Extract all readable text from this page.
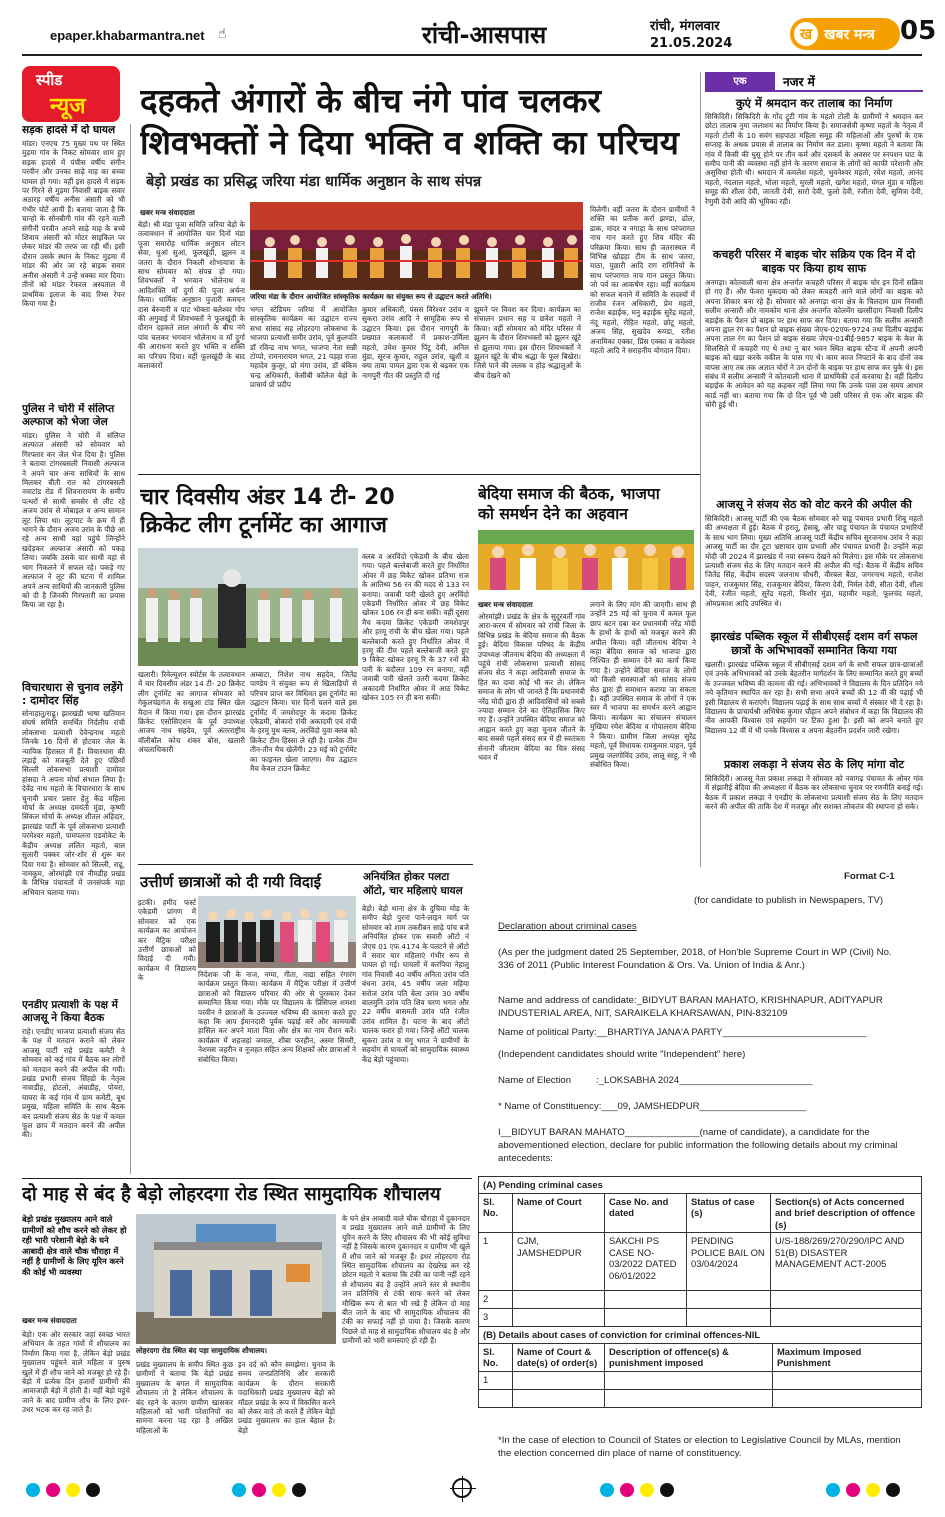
epaper.khabarmantra.net ☝	रांची-आसपास	रांची, मंगलवार
21.05.2024
ख खबर मन्त्र 05
स्पीड
न्यूज
सड़क हादसे में दो घायल
मांडर। एनएच 75 मुख्य पथ पर स्थित मुड़मा गांव के निकट सोमवार शाम हुए सड़क हादसे में पंचीस वर्षीय संगीन परवीन और उनका साढ़े माह का बच्चा घायल हो गया। वहीं इस हादसे में सड़क पर गिरने से मुड़मा निवासी बाइक सवार अठारह वर्षीय अनीस अंसारी को भी गंभीर चोटें आयी हैं। बताया जाता है कि चान्हो के सोनबीगी गांव की रहने वाली संगीनी परवीन अपने साढ़े माह के बच्चे शिवाय अंसारी को मोटर साइकिल पर लेकर मांडर की तरफ जा रही थीं। इसी दौरान उसके स्थान के निकट मुड़मा में मांडर की ओर जा रहे बाइक सवार अनीस अंसारी ने उन्हें धक्का मार दिया। तीनों को मांडर रेफरल अस्पताल में प्राथमिक इलाज के बाद रिम्स रेफर किया गया है।
पुलिस ने चोरी में संलिप्त अल्फाज को भेजा जेल
मांडर। पुलिस ने चोरी में संलिप्त अल्फाज अंसारी को सोमवार को गिरफ्तार कर जेल भेज दिया है। पुलिस ने बताया टांगरबसली निवासी अल्फाज ने अपने चार अन्य साथियों के साथ मिलकर बीती रात को टांगरबसली नवाटांड रोड में शिवनारायण के समीप पत्थरों से साथी समसेर से लीट रहे अजय उरांव से मोबाइल व अन्य सामान लूट लिया था। लूटपाट के क्रम में ही भागने के दौरान अजय उरांव के पीछे आ रहे अन्य साथी वहां पहुंचे जिन्होंने खदेड़कर अल्फाज अंसारी को पकड़ लिया। जबकि उसके चार साथी वहां से भाग निकलने में सफल रहे। पकड़े गए अल्फाज ने लूट की घटना में शामिल अपने अन्य साथियों की जानकारी पुलिस को दी है जिनकी गिरफ्तारी का प्रयास किया जा रहा है।
विचारधारा से चुनाव लड़ेंगे : दामोदर सिंह
सोनाहातु/राढू। झारखंडी भाषा खतियान संघर्ष समिति समर्थित निर्दलीय रांची लोकसभा प्रत्याशी देवेन्द्रनाथ महतो जिनके 16 दिनों से होटवार जेल के न्यायिक हिरासत में हैं। विचारधारा की लड़ाई को मजबूती देते हुए पंछियों सिल्ली लोकसभा प्रत्याशी दामोदर हांसदा ने अपना मोर्चा संभाल लिया है। देवेंद्र नाथ महतो के विचारधारा के साथ चुनावी प्रचार प्रसार हेतु केंद्र महिला मोर्चा के अध्यक्ष दमयंती मुंडा, कृष्णी सिंकल मोर्चा के अध्यक्ष शीतल अहिदार, झारखंड पार्टी के पूर्व लोकसभा प्रत्याशी परमेश्वर महतो, पामपलना एडवोकेट के केंद्रीय अध्यक्ष ललित महतो, बाल सुलारी पक्कर जोर-शोर से शुरू कर दिया गया है। सोमवार को सिल्ली, राढू, नामकुम, ओरमांझी एवं नीमडीह प्रखंड के विभिन्न पंचायतों में जनसंपर्क महा अभियान चलाया गया।
एनडीए प्रत्याशी के पक्ष में आजसू ने किया बैठक
राहे। एनडीए भाजपा प्रत्याशी संजय सेठ के पक्ष में मतदान कराने को लेकर आजसू पार्टी राहे प्रखंड कमेटी ने सोमवार को कई गांव में बैठक कर लोगों को मतदान करने की अपील की गयी। प्रखंड प्रभारी संजय सिंह्डो के नेतृत्व नावाडीह, होटलो, अंबाडीह, पोयरा, घाघरा के कई गांव में ग्राम कमेटी, बूथ प्रमुख, महिला समिति के साथ बैठक कर प्रत्याशी संजय सेठ के पक्ष में कमल फूल छाप में मतदान करने की अपील की।
दहकते अंगारों के बीच नंगे पांव चलकर
शिवभक्तों ने दिया भक्ति व शक्ति का परिचय
बेड़ो प्रखंड का प्रसिद्ध जरिया मंडा धार्मिक अनुष्ठान के साथ संपन्न
खबर मन्त्र संवाददाता
जरिया मंडा के दौरान आयोजित सांस्कृतिक कार्यक्रम का संयुक्त रूप से उद्घाटन करते अतिथि।
बेड़ो। श्री मंडा पूजा समिति जरिया बेड़ो के तत्वावधान में आयोजित चार दिनों मंडा पूजा समारोह धार्मिक अनुष्ठान लोटन सेवा, धुआं सुआं, फूलखूंदी, झूलन व जतरा के दौरान निकली शोभायात्रा के साथ सोमवार को संपन्न हो गया। शिवभक्तों ने भगवान भोलेनाथ व आदिशक्ति माँ दुर्गा की पूजा अर्चना किया। धार्मिक अनुष्ठान पुजारी कमचन दास बेरुवारी व पाट भोक्ता बलेश्वर गोप की अगुवाई में शिवभक्तों ने फूलखूंदी के दौरान दहकते लाल अंगारों के बीच नंगे पांव चलकर भगवान भोलेनाथ व माँ दुर्गा की आराधना करते हुए भक्ति व शक्ति का परिचय दिया। वहीं फूलखूंदी के बाद कलाकारों
भगत स्टेडियम जरिया में आयोजित सांस्कृतिक कार्यक्रम का उद्घाटन राज्य सभा सांसद सह लोहरदगा लोकसभा के भाजपा प्रत्याशी समीर उरांव, पूर्व कुलपति डॉ रविन्द्र नाथ भगत, भाजपा नेता सन्नी टोप्पो, रामनारायण भगत, 21 पड़हा राजा महादेव कुजूर, प्रो मंगा उरांव, डॉ बंकिम चन्द्र अधिकारी, केसीबी कॉलेज बेड़ो के प्राचार्य प्रो प्रदीप
कुमार अधिकारी, पंसस विरेश्वर उरांव व सुकरा उरांव आदि ने सामूहिक रूप से उद्घाटन किया। इस दौरान नागपुरी के प्रख्यात कलाकारों में प्रकाश-उर्मिला महतो, उमेश कुमार पिंटू देवी, अनिल मुंडा, सूरज कुमार, राहुल उरांव, खुशी व क्या ताया पायल द्वारा एक से बढ़कर एक नागपुरी गीत की प्रस्तुति दी गई
झूमने पर विवश कर दिया। कार्यक्रम का संचालन प्रधान सह व छत्रेश महतो ने किया। वहीं सोमवार को मंदिर परिसर में झूलन के दौरान शिवभक्तों को झूलन खूंटे से झुलाया गया। इस दौरान शिवभक्तों ने झूलन खूंटे के बीच श्रद्धा के फूल बिखेरा। जिसे पाने की ललक व होड़ श्रद्धालुओं के बीच देखने को
मिलेगी। वहीं जतरा के दौरान ग्रामीणों ने शक्ति का प्रतीक कर्रा झण्डा, ढोल, ढाक, मांदर व नगाड़ा के साथ परंपरागत नाच गान करते हुए शिव मंदिर की परिक्रमा किया। साथ ही जतरास्थल में विभिन्न खोड़हा टीम के साथ जतरा, माठा, पुछारी आदि राग रागिनियों के साथ परंपरागत नाच गान प्रस्तुत किया। जो पर्व का आकर्षण रहा। वहीं कार्यक्रम को सफल बनाने में समिति के सदस्यों में राजीव रंजन अधिकारी, प्रेम महतो, राजेश बड़ाईक, मनु बड़ाईक सुरेंद्र महतो, नंदू महतो, रोहित महतो, छोटू महतो, अजय सिंह, सुखदेव रूण्डा, रतीश अनामिका एक्का, प्रिंस एक्का व कमेश्वर महतो आदि ने सराहनीय योगदान दिया।
चार दिवसीय अंडर 14 टी- 20
क्रिकेट लीग टूर्नामेंट का आगाज
क्लब व अरविंदो एकेडमी के बीच खेला गया। पहले बल्लेबाजी करते हुए निर्धारित ओवर में छह विकेट खोकर प्रतिभा राज के आतिथ्य 56 रन की मदद से 133 रन बनाया। जवाबी पारी खेलते हुए अरविंदो एकेडमी निर्धारित ओवर में छह विकेट खोकर 106 रन ही बना सकी। वहीं दूसरा मैच कदमा क्रिकेट एकेडमी जमशेदपुर और हरमू रांची के बीच खेला गया। पहले बल्लेबाजी करते हुए निर्धारित ओवर में हरमू की टीम पहले बल्लेबाजी करते हुए 9 विकेट खोकर हरमू रि के 37 रनों की पारी के बदौलत 109 रन बनाया, वहीं जवाबी पारी खेलते उतरी कदमा क्रिकेट अकादमी निर्धारित ओवर में आठ विकेट खोकर 105 रन ही बना सकी।
खलारी। रिवेल्यूशन स्पोर्टस के तत्वावधान में चार दिवसीय अंडर 14 टी- 20 क्रिकेट लीग टूर्नामेंट का आगाज सोमवार को गेकुलचंद्रगंज के सखुआ टांड स्थित खेल मैदान में किया गया। इस दौरान झारखंड क्रिकेट एसोसिएशन के पूर्व उपाध्यक्ष आजय नाथ सहदेव, पूर्व अंतरराष्ट्रीय वॉलीबॉल कोच शंकर बोस, खलारी अंचलाधिकारी
अम्बाटा, निशेश नाथ सहदेव, जितेंद्र पाण्डेय ने संयुक्त रूप से खिलाड़ियों से परिचय प्राप्त कर विधिवत इस टूर्नामेंट का उद्घाटन किया। चार दिनों चलने वाले इस टूर्नामेंट में जमशेदपुर के कदमा क्रिकेट एकेडमी, बोकारो रांची अकादमी एवं रांची के हरमू युथ क्लब, अरविंदो युवा क्लब को क्रिकेट टीम हिस्सा ले रही है। प्रत्येक टीम तीन-तीन मैच खेलेंगी। 23 मई को टूर्नामेंट का फाइनल खेला जाएगा। मैच उद्घाटन मैच केवल टाउन क्रिकेट
बेदिया समाज की बैठक, भाजपा
को समर्थन देने का अहवान
खबर मन्त्र संवाददाता
ओरमांझी। प्रखंड के क्षेत्र के सुदूरवर्ती गांव आरा-करम में सोमवार को रांची जिला के विभिन्न प्रखंड के बेदिया समाज की बैठक हुई। बेदिया विकास परिषद के केंद्रीय उपाध्यक्ष जीतनाथ बेदिया की अध्यक्षता में पहुंचे रांची लोकसभा प्रत्याशी सांसद संजय सेठ ने कहा आदिवासी समाज के हित का दावा कोई भी कर ले। लेकिन समाज के लोग भी जानते हैं कि प्रधानमंत्री नरेंद्र मोदी द्वारा ही आदिवासियों को सबसे ज्यादा सम्मान देने का ऐतिहासिक किए गए हैं। उन्होंने उपस्थित बेदिया समाज को आह्वान करते हुए कहा चुनाव जीतने के बाद सबसे पहले संसद सत्र में ही स्वतंत्रता सेनानी जीतराम बेदिया का चित्र संसद भवन में
लगाने के लिए मांग की जाएगी। साथ ही उन्होंने 25 मई को चुनाव में कमल फूल छाप बटन दबा कर प्रधानमंत्री नरेंद्र मोदी के हाथों के हाथों को मजबूत करने की अपील किया। वहीं जीतनाथ बेदिया ने कहा बेदिया समाज को भाजपा द्वारा निश्चित ही सम्मान देने का कार्य किया गया है। उन्होंने बेदिया समाज के लोगों को किसी समस्याओं को सांसद संजय सेठ द्वारा ही समाधान कराया जा सकता है। वहीं उपस्थित समाज के लोगों ने एक स्वर में भाजपा का समर्थन करने आह्वान किया। कार्यक्रम का संचालन संचालन मुखिया रमेश बेदिया व गोपालराम बेदिया ने किया। ग्रामीण जिला अध्यक्ष सुरेंद्र महतो, पूर्व विधायक रामकुमार पाहन, पूर्व प्रमुख जलगोविंद उरांव, लालू साहू, ने भी संबोधित किया।
उत्तीर्ण छात्राओं को दी गयी विदाई
इटकी। हमीद फर्स्ट एकेडमी प्रांगण में सोमवार को एक कार्यक्रम का आयोजन कर मैट्रिक परीक्षा उत्तीर्ण छात्राओं को विदाई दी गयी। कार्यक्रम में विद्यालय के	निदेशक जी के नाज, नग्मा, गीता, नाद्या सहित रंगारंग कार्यक्रम प्रस्तुत किया। कार्यक्रम में मैट्रिक परीक्षा में उत्तीर्ण छात्राओं को विद्यालय परिवार की ओर से पुरस्कार देकर सम्मानित किया गया। मौके पर विद्यालय के प्रिंसिपल शमशा परवीन ने छात्राओं के उज्ज्वल भविष्य की कामना करते हुए कहा कि आप ईमानदारी पूर्वक पढ़ाई करें और कामयाबी हासिल कर अपने माता पिता और क्षेत्र का नाम रौशन करें। कार्यक्रम में शहजहां जमाल, शीबा फरहीन, अस्मा सिमरी, नेशमस जहरीन व नूजहत सहित अन्य शिक्षकों और छात्राओं ने संबोधित किया।
अनियंत्रित होकर पलटा
ऑटो, चार महिलाएं घायल
बेड़ो। बेड़ो थाना क्षेत्र के दुचिया मोड़ के समीप बेड़ो पुरना पाने-लाइन मार्ग पर सोमवार को शाम तकरीबन साढ़े पांच बजे अनियंत्रित होकर एक सवारी ऑटो नं जेएच 01 एफ 4174 के पलटने से ऑटो में सवार चार महिलाएं गंभीर रूप से घायल हो गई। घायलों में करपिया नेहालु गांव निवासी 40 वर्षीय अनिता उरांव पति बंधना उरांव, 45 वर्षीय जला महिया सरोज उरांव पति बेला उरांव 30 वर्षीय बालमुनि उरांव पति शिव चरण भगत और 22 वर्षीय बासमती उरांव पति रंजीत उरांव शामिल है। घटना के बाद ऑटो चालक फरार हो गया। जिन्हें ऑटो चालक सुकरा उरांव व मंगु भगत ने ग्रामीणों के सहयोग से घायलों को सामुदायिक स्वास्थ्य केंद्र बेड़ो पहुंचाया।
दो माह से बंद है बेड़ो लोहरदगा रोड स्थित सामुदायिक शौचालय
बेड़ो प्रखंड मुख्यालय आने वाले ग्रामीणों को शौच करने को लेकर हो रही भारी परेशानी बेड़ो के घने आबादी क्षेत्र वाले चौक चौराहा में नहीं है ग्रामीणों के लिए यूरिन करने की कोई भी व्यवस्था
खबर मन्त्र संवाददाता
लोहरदगा रोड स्थित बंद पड़ा सामुदायिक शौचालय।
बेड़ो। एक ओर सरकार जहां स्वच्छ भारत अभियान के तहत गांवों में शौचालय का निर्माण किया गया है, लेकिन बेड़ो प्रखंड मुख्यालय पहुंचने वाले महिला व पुरुष खुले में ही शौच जाने को मजबूर हो रहे हैं। बेड़ो में प्रत्येक दिन हजारों ग्रामीणों की आवाजाही बेड़ो में होती है। वहीं बेड़ो पहुंचे जाने के बाद ग्रामीण शौच के लिए इधर-उधर भटक कर रह जाते हैं।
प्रखंड मुख्यालय के समीप स्थित कुछ ग्रामीणों ने बताया कि बेड़ो प्रखंड मुख्यालय के बगल में सामुदायिक शौचालय तो है लेकिन शौचालय के बंद रहने के कारण ग्रामीण खासकर महिलाओं को भारी परेशानियों का सामना करना पड़ रहा है अखिल महिलाओं के
इन दर्द को कौन समझेगा। चुनाव के समय जनप्रतिनिधि और सरकारी कार्यक्रम के दौरान सरकारी पदाधिकारी प्रखंड मुख्यालय बेड़ो को मॉडल प्रखंड के रूप में विकसित करने को लेकर वादे तो करते हैं लेकिन बेड़ो प्रखंड मुख्यालय का हाल बेहाल है। बेड़ो
के घने क्षेत्र आबादी वाले चौक चौराहा में दुकानदार व प्रखंड मुख्यालय आने वाले ग्रामीणों के लिए यूरिन करने के लिए शौचालय की भी कोई सुविधा नहीं है जिसके कारण दुकानदार व ग्रामीण भी खुले में शौच जाने को मजबूर हैं। इधर लोहरदगा रोड स्थित सामुदायिक शौचालय का देखरेख कर रहे छोटन महतो ने बताया कि टंकी का पानी नहीं रहने से शौचालय बंद है उन्होंने अपने स्तर से स्थानीय जन प्रतिनिधि से टंकी साफ करने को लेकर मौखिक रूप से बात भी रखे हैं लेकिन दो माह बीत जाने के बाद भी सामुदायिक शौचालय की टंकी का सफाई नहीं हो पाया है। जिसके कारण पिछले दो माह से सामुदायिक शौचालय बंद है और ग्रामीणों को भारी समस्याएं हो रही हैं।
एक	नजर में
कुएं में श्रमदान कर तालाब का निर्माण
सिकिदिरी। सिकिदिरी के गोंद टुटी गांव के महतो टोली के ग्रामीणों ने श्रमदान कर छोटा तालाब नुमा जलाशय का निर्माण किया है। समाजसेवी कृष्णा महतो के नेतृत्व में महतो टोली के 10 सवंग सहपाठा महिला समूह की महिलाओं और पुरुषों के एक सप्ताह के अथक प्रयास से तालाब का निर्माण कर डाला। कृष्णा महतो ने बताया कि गांव में किसी की घुसू होने पर तीन कर्म और दसकर्म के अवसर पर स्नपशन घाट के समीप पानी की व्यवस्था नहीं होने के कारण समाज के लोगों को काफी परेशानी और असुविधा होती थी। श्रमदान में कमलेश महतो, भुवनेश्वर महतो, रमेश महतो, आनंद महतो, नंदलाल महतो, भोला महतो, मुरली महतो, खगेश महतो, मंगल मुंडा व महिला समूह की शीला देवी, जानती देवी, सारो देवी, फूलो देवी, रंजीता देवी, सुमित्रा देवी, रेणुमी देवी आदि की भूमिका रही।
कचहरी परिसर में बाइक चोर सक्रिय एक दिन में दो बाइक पर किया हाथ साफ
अनगड़ा। कोतवाली थाना क्षेत्र अन्तर्गत कचहरी परिसर में बाइक चोर इन दिनों सक्रिय हो गए हैं। और फेवरा मुकदमा को लेकर कचहरी आने वाले लोगों का बाइक को अपना शिकार बना रहे हैं। सोमवार को अनगड़ा थाना क्षेत्र के चिलदाम ग्राम निवासी सलीम अन्सारी और नामकोम थाना क्षेत्र अन्तर्गत कोलमेंग खरसीदाग निवासी दिलीप बड़ाईक के पैशन प्रो बाइक पर हाथ साफ कर दिया। बताया गया कि सलीम अन्सारी अपना ह्वाल रंग का पैशन प्रो बाइक संख्या जेएच-02एफ-9724 तथा दिलीप बड़ाईक अपना लाल रंग का पैशन प्रो बाइक संख्या जेएच-01बीई-9857 बाइक के केश के सिलसिले में कचहरी गए थे तथा नू बार भवन स्थित बाइक स्टैन्ड में अपनी अपनी बाइक को खड़ा करके वकील के पास गए थे। काम काज निपटाने के बाद दोनों जब वापस आए तब तक अज्ञात चोरों ने उन दोनों के बाइक पर हाथ साफ कर चुके थे। इस संबंध में सलीम अन्सारी ने कोतवाली थाना में प्राथमिकी दर्ज करवाया है। वहीं दिलीप बड़ाईक के आवेदन को यह कहकर नहीं लिया गया कि उनके पास उस समय आधार कार्ड नहीं था। बताया गया कि दो दिन पूर्व भी उसी परिसर से एक और बाइक की चोरी हुई थी।
आजसू ने संजय सेठ को वोट करने की अपील की
सिकिदिरी। आजसू पार्टी की एक बैठक सोमवार को चाडू पंचायत प्रभारी शिबू महतो की अध्यक्षता में हुई। बैठक में हरातू, हेसाबू, और चाडू पंचायत के पंचायत प्रभारियों के साथ भाग लिया। मुख्य अतिथि आजसू पार्टी केंद्रीय सचिव सुरजनाथ उरांव ने कहा आजसू पार्टी का दौर टूटा भ्रष्टाचार ग्राम प्रभारी और पंचायत प्रभारी है। उन्होंने कहा मोदी जी 2024 में झारखंड में नया स्वरूप देखने को मिलेगा। इस मौके पर लोकसभा प्रत्याशी संजय सेठ के लिए मतदान करने की अपील की गई। बैठक में केंद्रीय सचिव जितेंद्र सिंह, केंद्रीय सदस्य जलनाथ चौधरी, वीरबल बैठा, जगरनाथ महतो, राजेश पाहन, राजकुमार सिंह, राजकुमार बेदिया, किरण देवी, निर्मल देवी, सीता देवी, शीला देवी, रंजीत महतो, सुरेंद्र महतो, किशोर मुंडा, महावीर महतो, फूलचंद महतो, ओमप्रकाश आदि उपस्थित थे।
झारखंड पब्लिक स्कूल में सीबीएसई दशम वर्ग सफल छात्रों के अभिभावकों सम्मानित किया गया
खलारी। झारखंड पब्लिक स्कूल में सीबीएसई दशम वर्ग के सभी सफल छात्र-छात्राओं एवं उनके अभिभावकों को उनके बेहतरीन मार्गदर्शन के लिए सम्मानित करते हुए बच्चों के उज्जवल भविष्य की कामना की गई। अभिभावकों ने विद्यालय के दिन प्रतिदिन नये नये कृतिमान स्थापित कर रहा है। सभी सभा अपने बच्चों की 12 वीं की पढ़ाई भी इसी विद्यालय से कराएंगे। विद्यालय पढ़ाई के साथ साथ बच्चों में संस्कार भी दे रहा है। विद्यालय के प्राचार्यश्री अभिषेक कुमार चौहान अपने संबोधन में कहा कि विद्यालय की नीव आपकी विश्वास एवं सहयोग पर टिका हुआ है। इसी को अपने बनाते हुए विद्यालय 12 वीं में भी पनके विश्वास व अपना बेहतरीन प्रदर्शन जारी रखेगा।
प्रकाश लकड़ा ने संजय सेठ के लिए मांगा वोट
सिकिदिरी। आजसू नेता प्रकाश लकड़ा ने सोमवार को नवागढ़ पंचायत के ओवर गांव में संझारीई बेदिया की अध्यक्षता में बैठक कर लोकसभा चुनाव पर रणनीति बनाई गई। बैठक में प्रकाश लकड़ा ने एनडीए के लोकसभा प्रत्याशी संजय सेठ के लिए मतदान करने की अपील की ताकि देश में मजबूत और सशक्त लोकतंत्र की स्थापना हो सके।
Format C-1
(for candidate to publish in Newspapers, TV)
Declaration about criminal cases
(As per the judgment dated 25 September, 2018, of Hon'ble Supreme Court in WP (Civil) No. 336 of 2011 (Public Interest Foundation & Ors. Va. Union of India & Anr.)
Name and address of candidate:_BIDYUT BARAN MAHATO, KRISHNAPUR, ADITYAPUR INDUSTERIAL AREA, NIT, SARAIKELA KHARSAWAN, PIN-832109
Name of political Party:__BHARTIYA JANA'A PARTY___________________________
(Independent candidates should write "Independent" here)
Name of Election	:_LOKSABHA 2024_________________________
* Name of Constituency:___09, JAMSHEDPUR____________________
I__BIDYUT BARAN MAHATO______________(name of candidate), a candidate for the abovementioned election, declare for public information the following details about my criminal antecedents:
(A) Pending criminal cases				
Sl. No.	Name of Court	Case No. and dated	Status of case (s)	Section(s) of Acts concerned and brief description of offence (s)
1	CJM, JAMSHEDPUR	SAKCHI PS CASE NO-03/2022 DATED 06/01/2022	PENDING POLICE BAIL ON 03/04/2024	U/S-188/269/270/290/IPC AND 51(B) DISASTER MANAGEMENT ACT-2005
2				
3				
(B) Details about cases of conviction for criminal offences-NIL			
Sl. No.	Name of Court & date(s) of order(s)	Description of offence(s) & punishment imposed	Maximum Imposed Punishment
1			

*In the case of election to Council of States or election to Legislative Council by MLAs, mention the election concerned din place of name of constituency.
